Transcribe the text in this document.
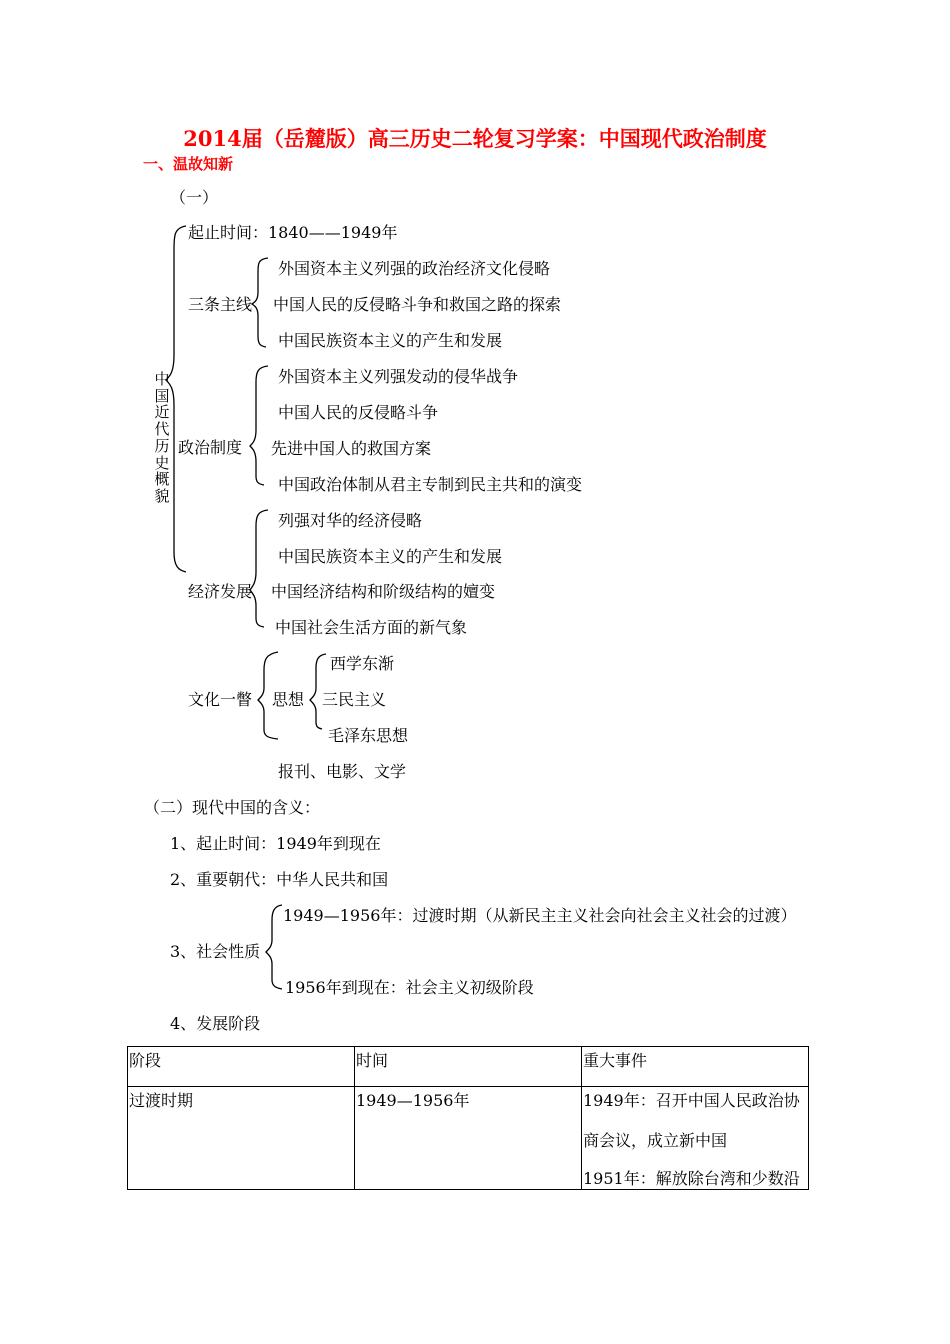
2014届（岳麓版）高三历史二轮复习学案：中国现代政治制度
一、温故知新
（一）
中
国
近
代
历
史
概
貌
起止时间：1840——1949年
三条主线
外国资本主义列强的政治经济文化侵略
中国人民的反侵略斗争和救国之路的探索
中国民族资本主义的产生和发展
政治制度
外国资本主义列强发动的侵华战争
中国人民的反侵略斗争
先进中国人的救国方案
中国政治体制从君主专制到民主共和的演变
经济发展
列强对华的经济侵略
中国民族资本主义的产生和发展
中国经济结构和阶级结构的嬗变
中国社会生活方面的新气象
文化一瞥 思想
西学东渐
三民主义
毛泽东思想
报刊、电影、文学
（二）现代中国的含义：
1、起止时间：1949年到现在
2、重要朝代：中华人民共和国
3、社会性质
1949—1956年：过渡时期（从新民主主义社会向社会主义社会的过渡）
1956年到现在：社会主义初级阶段
4、发展阶段
阶段	时间	重大事件
过渡时期	1949—1956年	1949年：召开中国人民政治协
商会议，成立新中国
1951年：解放除台湾和少数沿
